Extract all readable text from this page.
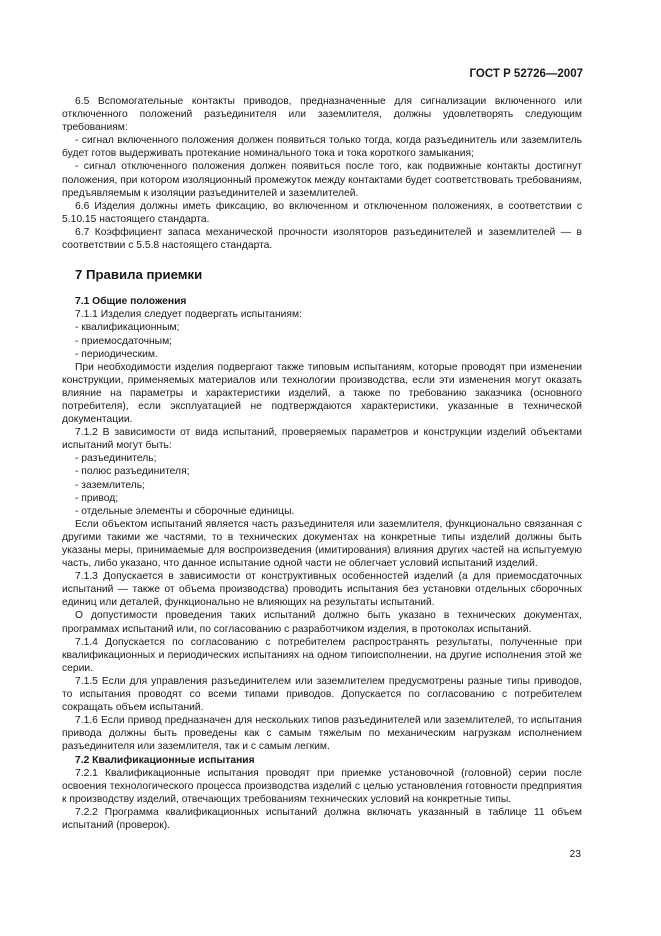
ГОСТ Р 52726—2007

6.5 Вспомогательные контакты приводов, предназначенные для сигнализации включенного или отключенного положений разъединителя или заземлителя, должны удовлетворять следующим требованиям:

- сигнал включенного положения должен появиться только тогда, когда разъединитель или заземлитель будет готов выдерживать протекание номинального тока и тока короткого замыкания;

- сигнал отключенного положения должен появиться после того, как подвижные контакты достигнут положения, при котором изоляционный промежуток между контактами будет соответствовать требованиям, предъявляемым к изоляции разъединителей и заземлителей.

6.6 Изделия должны иметь фиксацию, во включенном и отключенном положениях, в соответствии с 5.10.15 настоящего стандарта.

6.7 Коэффициент запаса механической прочности изоляторов разъединителей и заземлителей — в соответствии с 5.5.8 настоящего стандарта.

7 Правила приемки

7.1 Общие положения

7.1.1 Изделия следует подвергать испытаниям:

- квалификационным;

- приемосдаточным;

- периодическим.

При необходимости изделия подвергают также типовым испытаниям, которые проводят при изменении конструкции, применяемых материалов или технологии производства, если эти изменения могут оказать влияние на параметры и характеристики изделий, а также по требованию заказчика (основного потребителя), если эксплуатацией не подтверждаются характеристики, указанные в технической документации.

7.1.2 В зависимости от вида испытаний, проверяемых параметров и конструкции изделий объектами испытаний могут быть:

- разъединитель;

- полюс разъединителя;

- заземлитель;

- привод;

- отдельные элементы и сборочные единицы.

Если объектом испытаний является часть разъединителя или заземлителя, функционально связанная с другими такими же частями, то в технических документах на конкретные типы изделий должны быть указаны меры, принимаемые для воспроизведения (имитирования) влияния других частей на испытуемую часть, либо указано, что данное испытание одной части не облегчает условий испытаний изделий.

7.1.3 Допускается в зависимости от конструктивных особенностей изделий (а для приемосдаточных испытаний — также от объема производства) проводить испытания без установки отдельных сборочных единиц или деталей, функционально не влияющих на результаты испытаний.

О допустимости проведения таких испытаний должно быть указано в технических документах, программах испытаний или, по согласованию с разработчиком изделия, в протоколах испытаний.

7.1.4 Допускается по согласованию с потребителем распространять результаты, полученные при квалификационных и периодических испытаниях на одном типоисполнении, на другие исполнения этой же серии.

7.1.5 Если для управления разъединителем или заземлителем предусмотрены разные типы приводов, то испытания проводят со всеми типами приводов. Допускается по согласованию с потребителем сокращать объем испытаний.

7.1.6 Если привод предназначен для нескольких типов разъединителей или заземлителей, то испытания привода должны быть проведены как с самым тяжелым по механическим нагрузкам исполнением разъединителя или заземлителя, так и с самым легким.

7.2 Квалификационные испытания

7.2.1 Квалификационные испытания проводят при приемке установочной (головной) серии после освоения технологического процесса производства изделий с целью установления готовности предприятия к производству изделий, отвечающих требованиям технических условий на конкретные типы.

7.2.2 Программа квалификационных испытаний должна включать указанный в таблице 11 объем испытаний (проверок).

23
